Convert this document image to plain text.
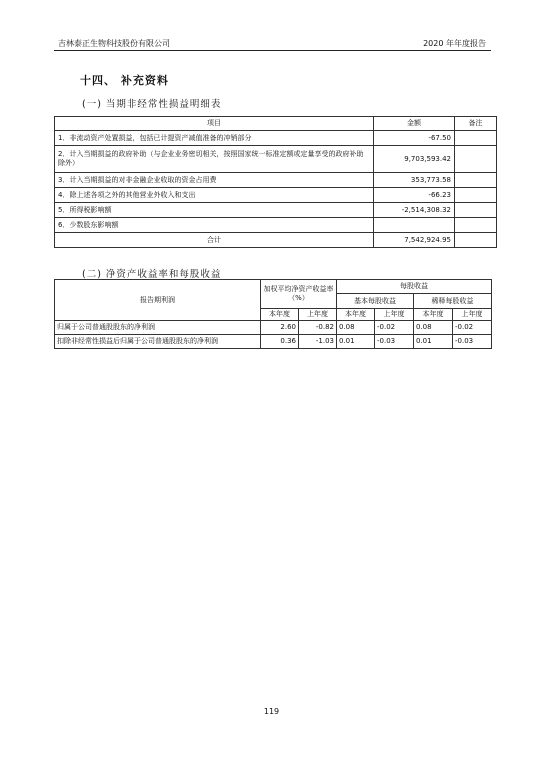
吉林泰正生物科技股份有限公司	2020 年年度报告
十四、 补充资料
(一) 当期非经常性损益明细表
项目	金额	备注
1．非流动资产处置损益，包括已计提资产减值准备的冲销部分	-67.50	
2．计入当期损益的政府补助（与企业业务密切相关，按照国家统一标准定额或定量享受的政府补助除外）	9,703,593.42	
3．计入当期损益的对非金融企业收取的资金占用费	353,773.58	
4．除上述各项之外的其他营业外收入和支出	-66.23	
5．所得税影响额	-2,514,308.32	
6．少数股东影响额		
合计	7,542,924.95	
(二) 净资产收益率和每股收益
报告期利润	加权平均净资产收益率（%）		每股收益			
			基本每股收益		稀释每股收益	
	本年度	上年度	本年度	上年度	本年度	上年度
归属于公司普通股股东的净利润	2.60	-0.82	0.08	-0.02	0.08	-0.02
扣除非经常性损益后归属于公司普通股股东的净利润	0.36	-1.03	0.01	-0.03	0.01	-0.03
119
